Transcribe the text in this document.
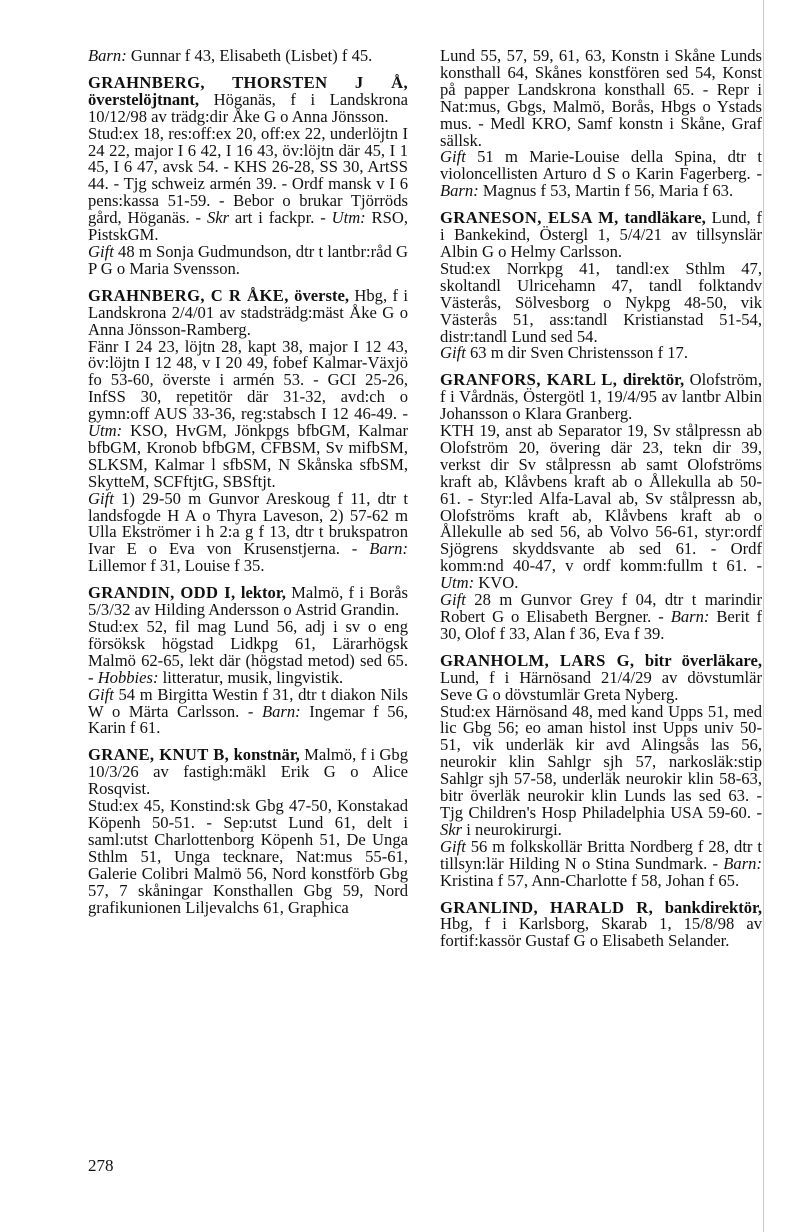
Barn: Gunnar f 43, Elisabeth (Lisbet) f 45.
GRAHNBERG, THORSTEN J Å, överstelöjtnant, Höganäs, f i Landskrona 10/12/98 av trädg:dir Åke G o Anna Jönsson.
Stud:ex 18, res:off:ex 20, off:ex 22, underlöjtn I 24 22, major I 6 42, I 16 43, öv:löjtn där 45, I 1 45, I 6 47, avsk 54. - KHS 26-28, SS 30, ArtSS 44. - Tjg schweiz armén 39. - Ordf mansk v I 6 pens:kassa 51-59. - Bebor o brukar Tjörröds gård, Höganäs. - Skr art i fackpr. - Utm: RSO, PistskGM.
Gift 48 m Sonja Gudmundson, dtr t lantbr:råd G P G o Maria Svensson.
GRAHNBERG, C R ÅKE, överste, Hbg, f i Landskrona 2/4/01 av stadsträdg:mäst Åke G o Anna Jönsson-Ramberg.
Fänr I 24 23, löjtn 28, kapt 38, major I 12 43, öv:löjtn I 12 48, v I 20 49, fobef Kalmar-Växjö fo 53-60, överste i armén 53. - GCI 25-26, InfSS 30, repetitör där 31-32, avd:ch o gymn:off AUS 33-36, reg:stabsch I 12 46-49. - Utm: KSO, HvGM, Jönkpgs bfbGM, Kalmar bfbGM, Kronob bfbGM, CFBSM, Sv mifbSM, SLKSM, Kalmar l sfbSM, N Skånska sfbSM, SkytteM, SCFftjtG, SBSftjt.
Gift 1) 29-50 m Gunvor Areskoug f 11, dtr t landsfogde H A o Thyra Laveson, 2) 57-62 m Ulla Ekströmer i h 2:a g f 13, dtr t brukspatron Ivar E o Eva von Krusenstjerna. - Barn: Lillemor f 31, Louise f 35.
GRANDIN, ODD I, lektor, Malmö, f i Borås 5/3/32 av Hilding Andersson o Astrid Grandin.
Stud:ex 52, fil mag Lund 56, adj i sv o eng försöksk högstad Lidkpg 61, Lärarhögsk Malmö 62-65, lekt där (högstad metod) sed 65. - Hobbies: litteratur, musik, lingvistik.
Gift 54 m Birgitta Westin f 31, dtr t diakon Nils W o Märta Carlsson. - Barn: Ingemar f 56, Karin f 61.
GRANE, KNUT B, konstnär, Malmö, f i Gbg 10/3/26 av fastigh:mäkl Erik G o Alice Rosqvist.
Stud:ex 45, Konstind:sk Gbg 47-50, Konstakad Köpenh 50-51. - Sep:utst Lund 61, delt i saml:utst Charlottenborg Köpenh 51, De Unga Sthlm 51, Unga tecknare, Nat:mus 55-61, Galerie Colibri Malmö 56, Nord konstförb Gbg 57, 7 skåningar Konsthallen Gbg 59, Nord grafikunionen Liljevalchs 61, Graphica
Lund 55, 57, 59, 61, 63, Konstn i Skåne Lunds konsthall 64, Skånes konstfören sed 54, Konst på papper Landskrona konsthall 65. - Repr i Nat:mus, Gbgs, Malmö, Borås, Hbgs o Ystads mus. - Medl KRO, Samf konstn i Skåne, Graf sällsk.
Gift 51 m Marie-Louise della Spina, dtr t violoncellisten Arturo d S o Karin Fagerberg. - Barn: Magnus f 53, Martin f 56, Maria f 63.
GRANESON, ELSA M, tandläkare, Lund, f i Bankekind, Östergl 1, 5/4/21 av tillsynslär Albin G o Helmy Carlsson.
Stud:ex Norrkpg 41, tandl:ex Sthlm 47, skoltandl Ulricehamn 47, tandl folktandv Västerås, Sölvesborg o Nykpg 48-50, vik Västerås 51, ass:tandl Kristianstad 51-54, distr:tandl Lund sed 54.
Gift 63 m dir Sven Christensson f 17.
GRANFORS, KARL L, direktör, Olofström, f i Vårdnäs, Östergötl 1, 19/4/95 av lantbr Albin Johansson o Klara Granberg.
KTH 19, anst ab Separator 19, Sv stålpressn ab Olofström 20, övering där 23, tekn dir 39, verkst dir Sv stålpressn ab samt Olofströms kraft ab, Klåvbens kraft ab o Ållekulla ab 50-61. - Styr:led Alfa-Laval ab, Sv stålpressn ab, Olofströms kraft ab, Klåvbens kraft ab o Ållekulle ab sed 56, ab Volvo 56-61, styr:ordf Sjögrens skyddsvante ab sed 61. - Ordf komm:nd 40-47, v ordf komm:fullm t 61. - Utm: KVO.
Gift 28 m Gunvor Grey f 04, dtr t marindir Robert G o Elisabeth Bergner. - Barn: Berit f 30, Olof f 33, Alan f 36, Eva f 39.
GRANHOLM, LARS G, bitr överläkare, Lund, f i Härnösand 21/4/29 av dövstumlär Seve G o dövstumlär Greta Nyberg.
Stud:ex Härnösand 48, med kand Upps 51, med lic Gbg 56; eo aman histol inst Upps univ 50-51, vik underläk kir avd Alingsås las 56, neurokir klin Sahlgr sjh 57, narkosläk:stip Sahlgr sjh 57-58, underläk neurokir klin 58-63, bitr överläk neurokir klin Lunds las sed 63. - Tjg Children's Hosp Philadelphia USA 59-60. - Skr i neurokirurgi.
Gift 56 m folkskollär Britta Nordberg f 28, dtr t tillsyn:lär Hilding N o Stina Sundmark. - Barn: Kristina f 57, Ann-Charlotte f 58, Johan f 65.
GRANLIND, HARALD R, bankdirektör, Hbg, f i Karlsborg, Skarab 1, 15/8/98 av fortif:kassör Gustaf G o Elisabeth Selander.
278
